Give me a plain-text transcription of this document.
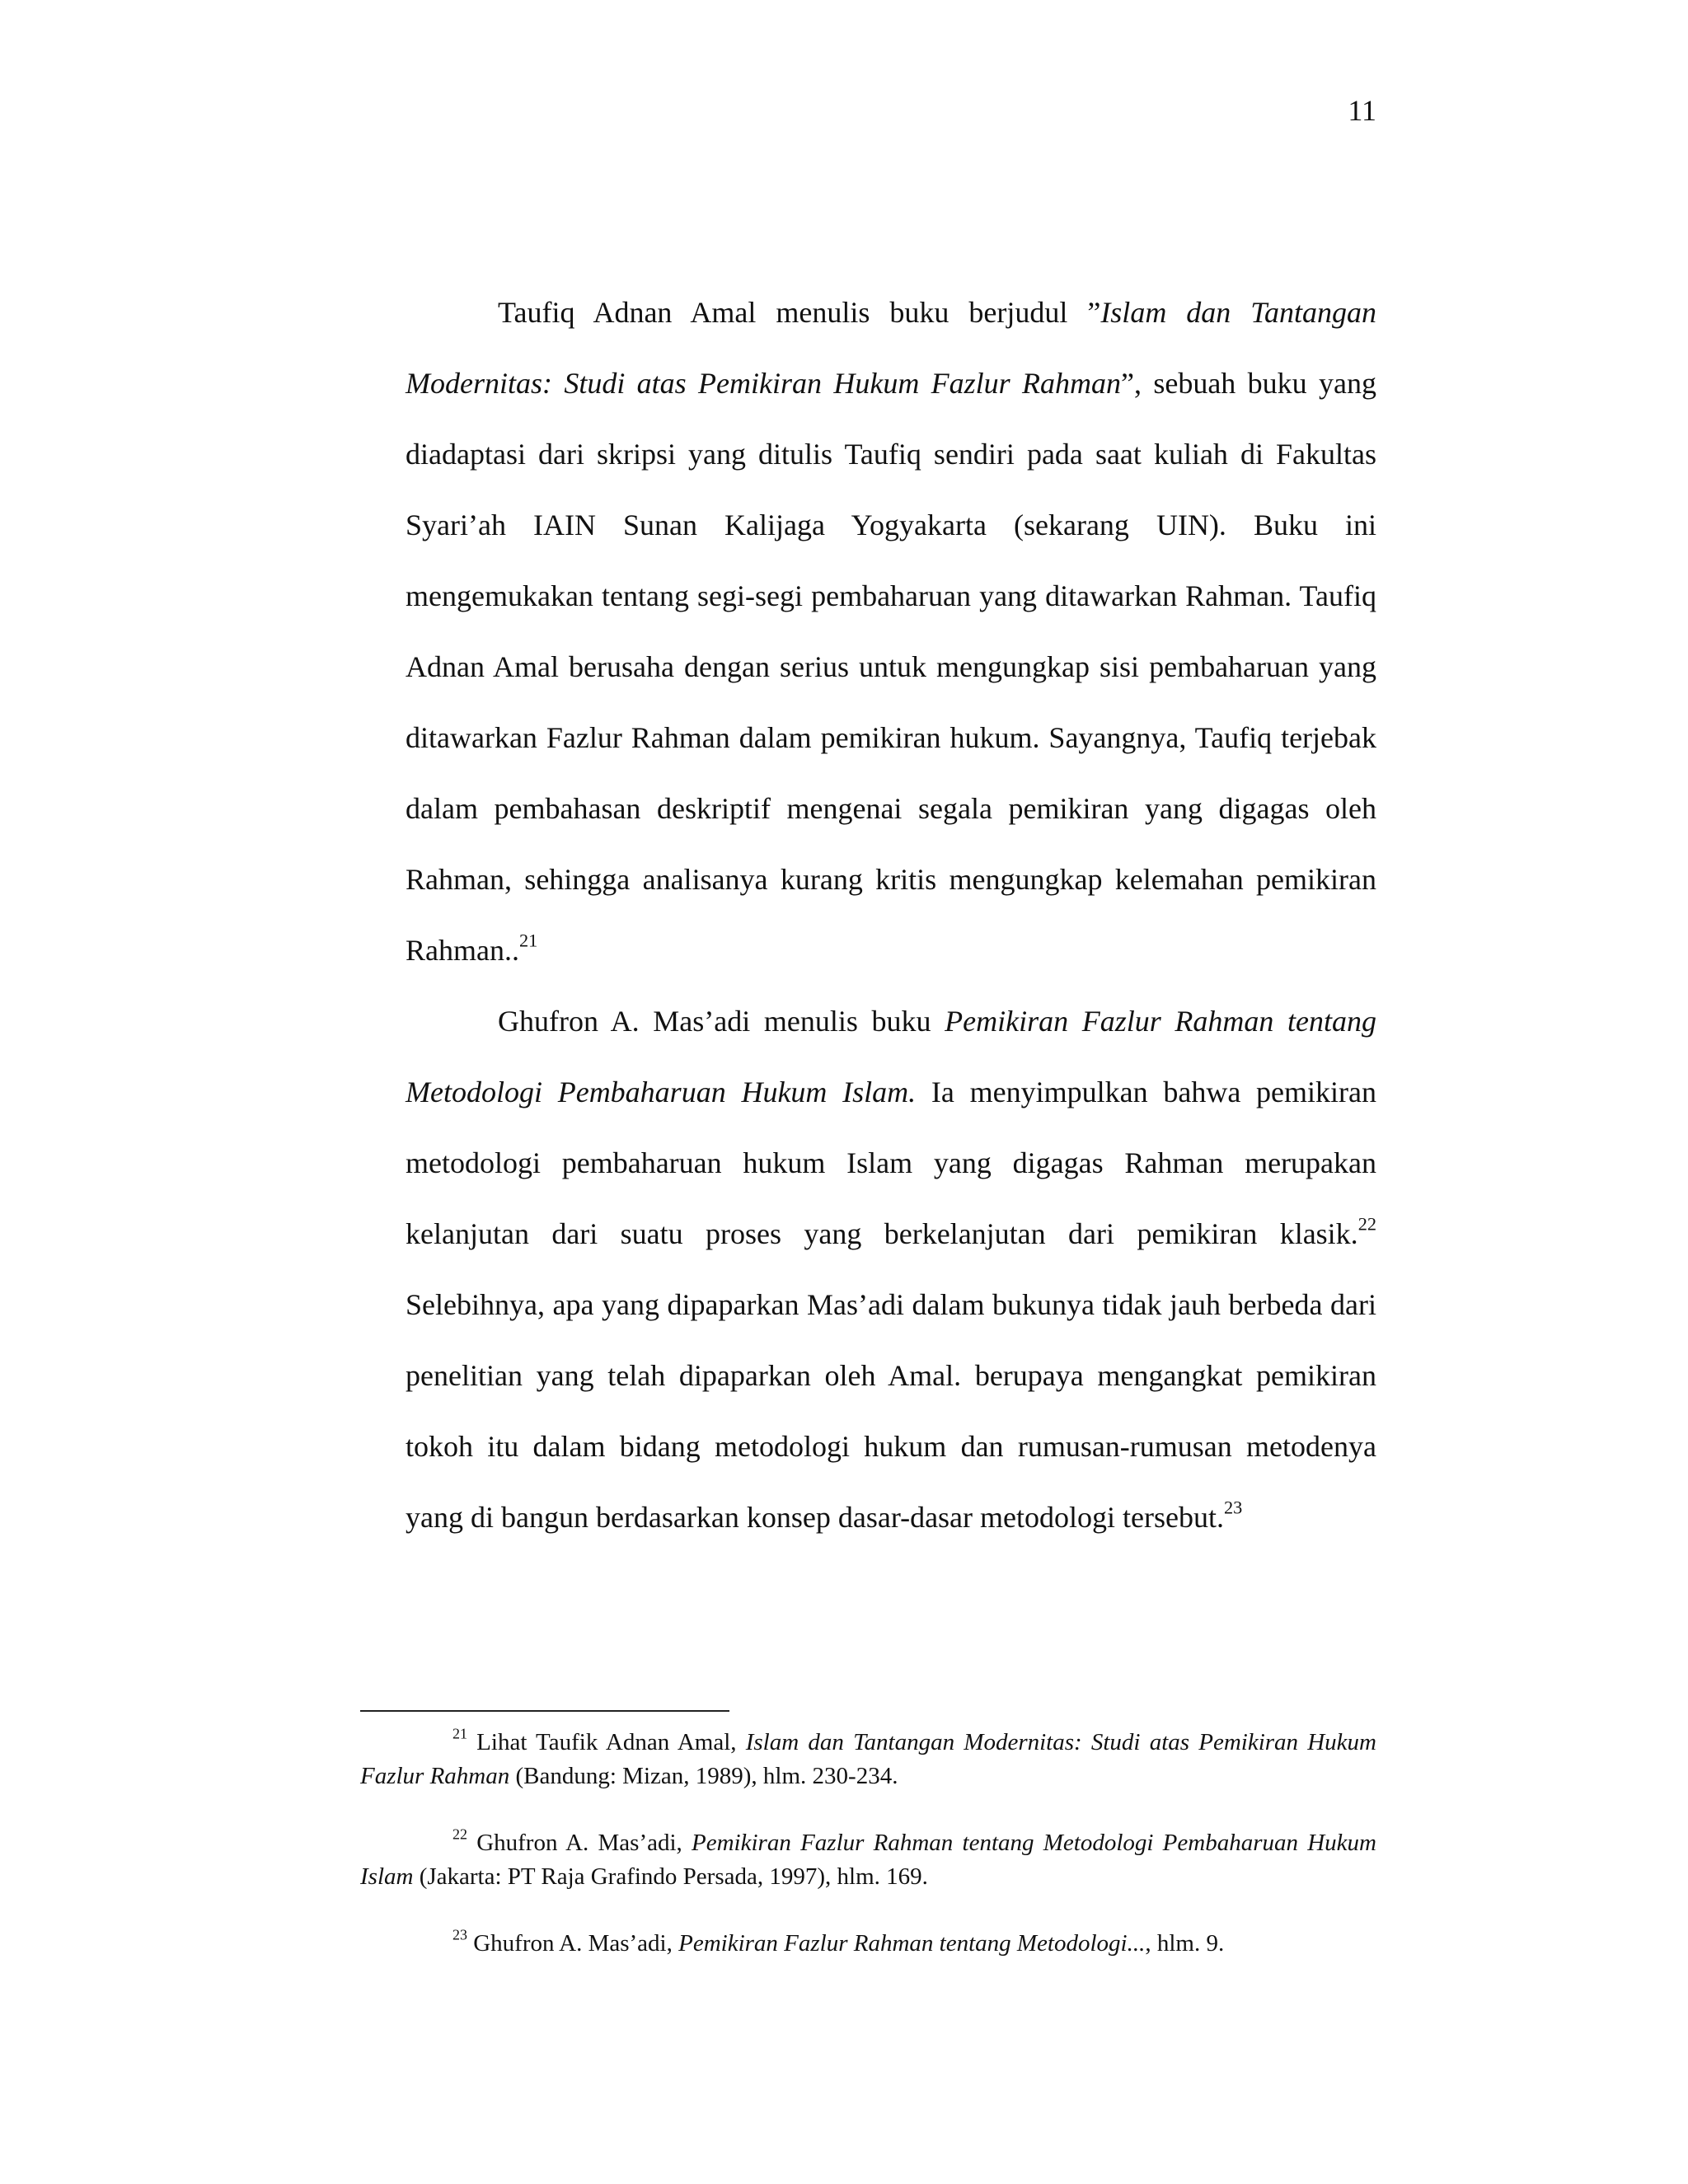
11

Taufiq Adnan Amal menulis buku berjudul ”Islam dan Tantangan Modernitas: Studi atas Pemikiran Hukum Fazlur Rahman”, sebuah buku yang diadaptasi dari skripsi yang ditulis Taufiq sendiri pada saat kuliah di Fakultas Syari’ah IAIN Sunan Kalijaga Yogyakarta (sekarang UIN). Buku ini mengemukakan tentang segi-segi pembaharuan yang ditawarkan Rahman. Taufiq Adnan Amal berusaha dengan serius untuk mengungkap sisi pembaharuan yang ditawarkan Fazlur Rahman dalam pemikiran hukum. Sayangnya, Taufiq terjebak dalam pembahasan deskriptif mengenai segala pemikiran yang digagas oleh Rahman, sehingga analisanya kurang kritis mengungkap kelemahan pemikiran Rahman..$^{21}$

Ghufron A. Mas’adi menulis buku Pemikiran Fazlur Rahman tentang Metodologi Pembaharuan Hukum Islam. Ia menyimpulkan bahwa pemikiran metodologi pembaharuan hukum Islam yang digagas Rahman merupakan kelanjutan dari suatu proses yang berkelanjutan dari pemikiran klasik.$^{22}$ Selebihnya, apa yang dipaparkan Mas’adi dalam bukunya tidak jauh berbeda dari penelitian yang telah dipaparkan oleh Amal. berupaya mengangkat pemikiran tokoh itu dalam bidang metodologi hukum dan rumusan-rumusan metodenya yang di bangun berdasarkan konsep dasar-dasar metodologi tersebut.$^{23}$

$^{21}$ Lihat Taufik Adnan Amal, Islam dan Tantangan Modernitas: Studi atas Pemikiran Hukum Fazlur Rahman (Bandung: Mizan, 1989), hlm. 230-234.

$^{22}$ Ghufron A. Mas’adi, Pemikiran Fazlur Rahman tentang Metodologi Pembaharuan Hukum Islam (Jakarta: PT Raja Grafindo Persada, 1997), hlm. 169.

$^{23}$ Ghufron A. Mas’adi, Pemikiran Fazlur Rahman tentang Metodologi..., hlm. 9.
